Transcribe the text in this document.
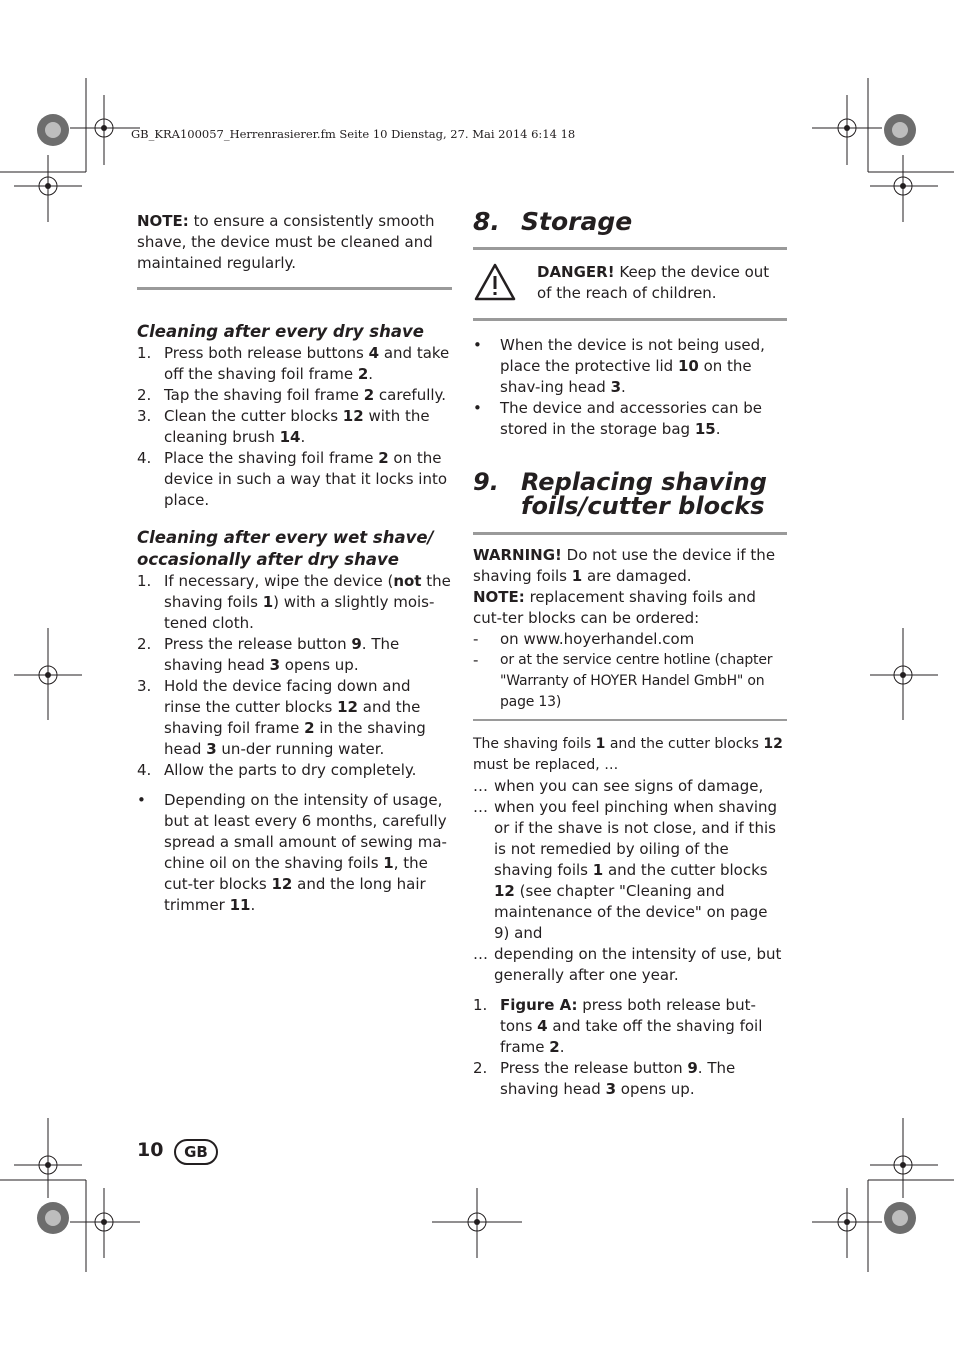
GB_KRA100057_Herrenrasierer.fm Seite 10 Dienstag, 27. Mai 2014 6:14 18

NOTE: to ensure a consistently smooth shave, the device must be cleaned and maintained regularly.

Cleaning after every dry shave
1. Press both release buttons 4 and take off the shaving foil frame 2.
2. Tap the shaving foil frame 2 carefully.
3. Clean the cutter blocks 12 with the cleaning brush 14.
4. Place the shaving foil frame 2 on the device in such a way that it locks into place.
Cleaning after every wet shave/ occasionally after dry shave
1. If necessary, wipe the device (not the shaving foils 1) with a slightly mois-tened cloth.
2. Press the release button 9. The shaving head 3 opens up.
3. Hold the device facing down and rinse the cutter blocks 12 and the shaving foil frame 2 in the shaving head 3 un-der running water.
4. Allow the parts to dry completely.
•	Depending on the intensity of usage, but at least every 6 months, carefully spread a small amount of sewing ma-chine oil on the shaving foils 1, the cut-ter blocks 12 and the long hair trimmer 11.
8. Storage

DANGER! Keep the device out of the reach of children.

•	When the device is not being used, place the protective lid 10 on the shav-ing head 3.
•	The device and accessories can be stored in the storage bag 15.
9. Replacing shaving foils/cutter blocks

WARNING! Do not use the device if the shaving foils 1 are damaged.

NOTE: replacement shaving foils and cut-ter blocks can be ordered:

-	on www.hoyerhandel.com
-	or at the service centre hotline (chapter "Warranty of HOYER Handel GmbH" on page 13)

The shaving foils 1 and the cutter blocks 12 must be replaced, …

… when you can see signs of damage,
… when you feel pinching when shaving or if the shave is not close, and if this is not remedied by oiling of the shaving foils 1 and the cutter blocks 12 (see chapter "Cleaning and maintenance of the device" on page 9) and
… depending on the intensity of use, but generally after one year.
1. Figure A: press both release but-tons 4 and take off the shaving foil frame 2.
2. Press the release button 9. The shaving head 3 opens up.
10	GB
